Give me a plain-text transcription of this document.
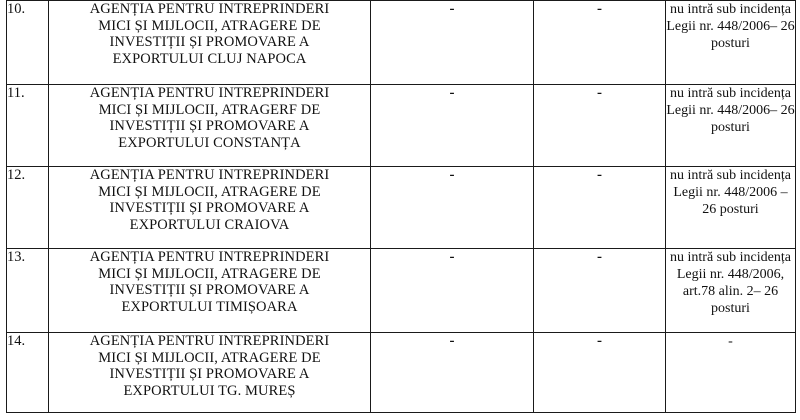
10.	AGENȚIA PENTRU INTREPRINDERI
MICI ȘI MIJLOCII, ATRAGERE DE
INVESTIȚII ȘI PROMOVARE A
EXPORTULUI CLUJ NAPOCA	-	-	nu intră sub incidența Legii nr. 448/2006– 26 posturi
11.	AGENȚIA PENTRU INTREPRINDERI
MICI ȘI MIJLOCII, ATRAGERF DE
INVESTIȚII ȘI PROMOVARE A
EXPORTULUI CONSTANȚA	-	-	nu intră sub incidența Legii nr. 448/2006– 26 posturi
12.	AGENȚIA PENTRU INTREPRINDERI
MICI ȘI MIJLOCII, ATRAGERE DE
INVESTIȚII ȘI PROMOVARE A
EXPORTULUI CRAIOVA	-	-	nu intră sub incidența Legii nr. 448/2006 – 26 posturi
13.	AGENȚIA PENTRU INTREPRINDERI
MICI ȘI MIJLOCII, ATRAGERE DE
INVESTIȚII ȘI PROMOVARE A
EXPORTULUI TIMIȘOARA	-	-	nu intră sub incidența Legii nr. 448/2006, art.78 alin. 2– 26 posturi
14.	AGENȚIA PENTRU INTREPRINDERI
MICI ȘI MIJLOCII, ATRAGERE DE
INVESTIȚII ȘI PROMOVARE A
EXPORTULUI TG. MUREȘ	-	-	-
